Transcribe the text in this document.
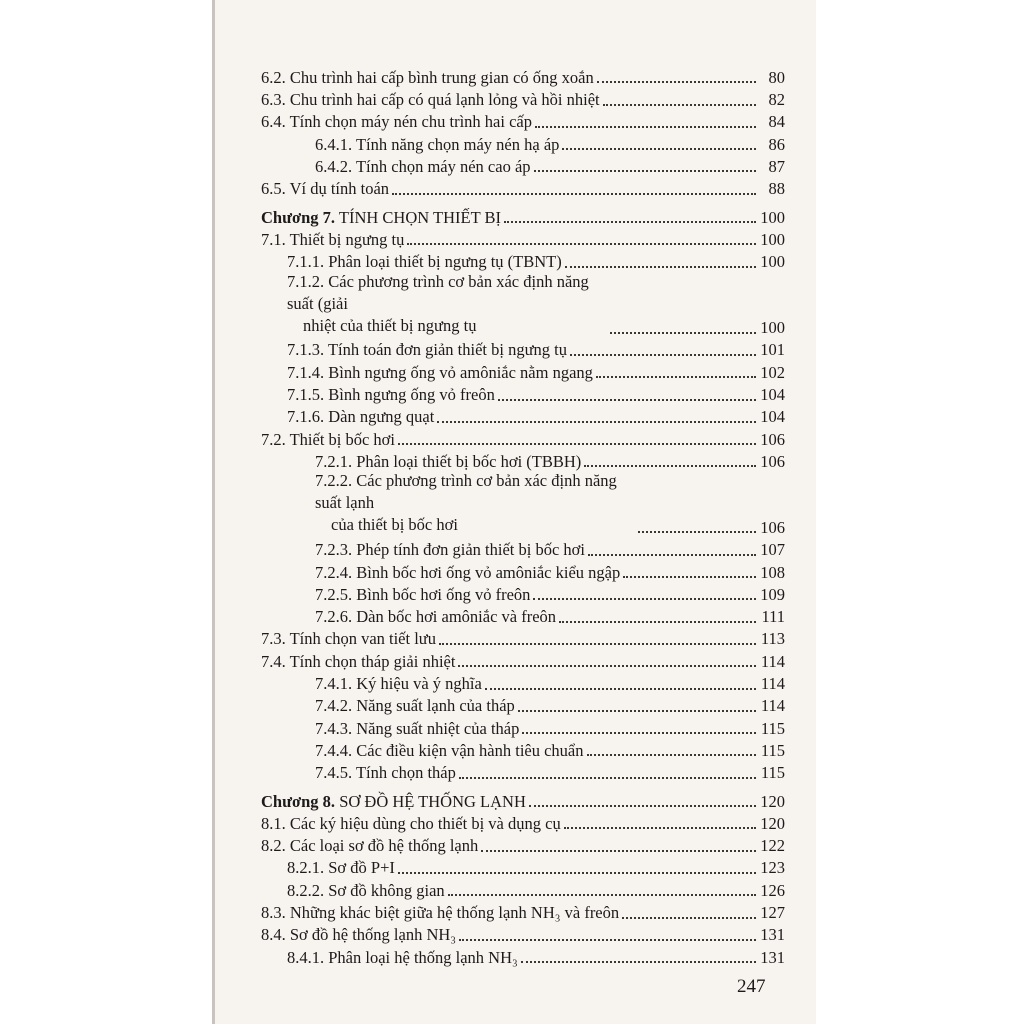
6.2. Chu trình hai cấp bình trung gian có ống xoắn	80
6.3. Chu trình hai cấp có quá lạnh lỏng và hồi nhiệt	82
6.4. Tính chọn máy nén chu trình hai cấp	84
6.4.1. Tính năng chọn máy nén hạ áp	86
6.4.2. Tính chọn máy nén cao áp	87
6.5. Ví dụ tính toán	88
Chương 7. TÍNH CHỌN THIẾT BỊ	100
7.1. Thiết bị ngưng tụ	100
7.1.1. Phân loại thiết bị ngưng tụ (TBNT)	100
7.1.2. Các phương trình cơ bản xác định năng suất (giải
nhiệt của thiết bị ngưng tụ	100
7.1.3. Tính toán đơn giản thiết bị ngưng tụ	101
7.1.4. Bình ngưng ống vỏ amôniắc nằm ngang	102
7.1.5. Bình ngưng ống vỏ freôn	104
7.1.6. Dàn ngưng quạt	104
7.2. Thiết bị bốc hơi	106
7.2.1. Phân loại thiết bị bốc hơi (TBBH)	106
7.2.2. Các phương trình cơ bản xác định năng suất lạnh
của thiết bị bốc hơi	106
7.2.3. Phép tính đơn giản thiết bị bốc hơi	107
7.2.4. Bình bốc hơi ống vỏ amôniắc kiểu ngập	108
7.2.5. Bình bốc hơi ống vỏ freôn	109
7.2.6. Dàn bốc hơi amôniắc và freôn	111
7.3. Tính chọn van tiết lưu	113
7.4. Tính chọn tháp giải nhiệt	114
7.4.1. Ký hiệu và ý nghĩa	114
7.4.2. Năng suất lạnh của tháp	114
7.4.3. Năng suất nhiệt của tháp	115
7.4.4. Các điều kiện vận hành tiêu chuẩn	115
7.4.5. Tính chọn tháp	115
Chương 8. SƠ ĐỒ HỆ THỐNG LẠNH	120
8.1. Các ký hiệu dùng cho thiết bị và dụng cụ	120
8.2. Các loại sơ đồ hệ thống lạnh	122
8.2.1. Sơ đồ P+I	123
8.2.2. Sơ đồ không gian	126
8.3. Những khác biệt giữa hệ thống lạnh NH₃ và freôn	127
8.4. Sơ đồ hệ thống lạnh NH₃	131
8.4.1. Phân loại hệ thống lạnh NH₃	131
247
